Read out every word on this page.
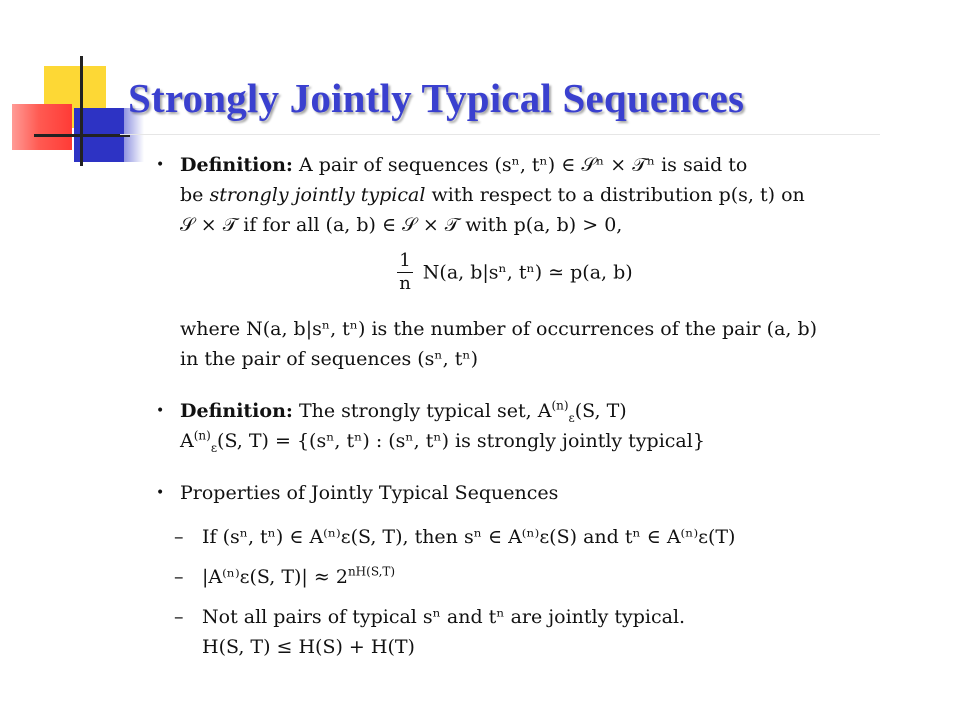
Strongly Jointly Typical Sequences
• Definition: A pair of sequences (sⁿ, tⁿ) ∈ 𝒮ⁿ × 𝒯ⁿ is said to
be strongly jointly typical with respect to a distribution p(s, t) on
𝒮 × 𝒯 if for all (a, b) ∈ 𝒮 × 𝒯 with p(a, b) > 0,
$\frac{1}{n} N(a$, b|sⁿ, tⁿ) ≃ p(a, b)
where N(a, b|sⁿ, tⁿ) is the number of occurrences of the pair (a, b)
in the pair of sequences (sⁿ, tⁿ)
• Definition: The strongly typical set, $A^{(n)}_\varepsilon(S$, T)
$A^{(n)}_\varepsilon(S$, T) = {(sⁿ, tⁿ) : (sⁿ, tⁿ) is strongly jointly typical}
• Properties of Jointly Typical Sequences
– If (sⁿ, tⁿ) ∈ A⁽ⁿ⁾ε(S, T), then sⁿ ∈ A⁽ⁿ⁾ε(S) and tⁿ ∈ A⁽ⁿ⁾ε(T)
– |A⁽ⁿ⁾ε(S, $T)| \approx 2^{nH(S,T)}$
– Not all pairs of typical sⁿ and tⁿ are jointly typical.
H(S, T) ≤ H(S) + H(T)
